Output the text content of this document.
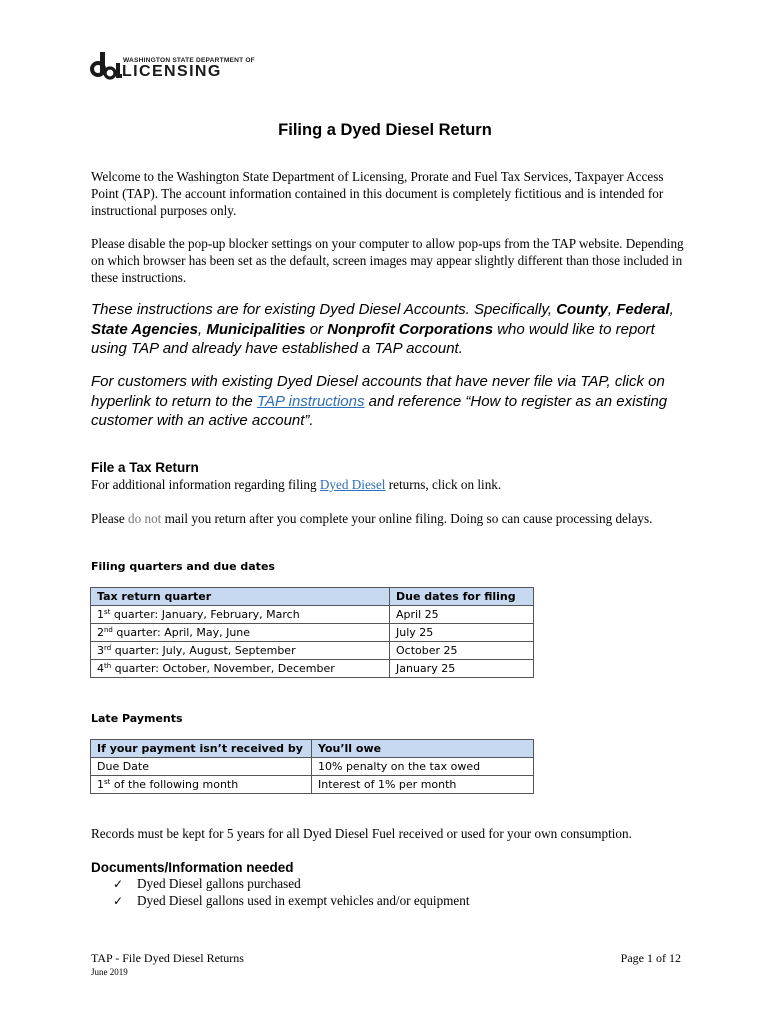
WASHINGTON STATE DEPARTMENT OF
LICENSING
Filing a Dyed Diesel Return
Welcome to the Washington State Department of Licensing, Prorate and Fuel Tax Services, Taxpayer Access Point (TAP). The account information contained in this document is completely fictitious and is intended for instructional purposes only.
Please disable the pop-up blocker settings on your computer to allow pop-ups from the TAP website. Depending on which browser has been set as the default, screen images may appear slightly different than those included in these instructions.
These instructions are for existing Dyed Diesel Accounts. Specifically, County, Federal, State Agencies, Municipalities or Nonprofit Corporations who would like to report using TAP and already have established a TAP account.
For customers with existing Dyed Diesel accounts that have never file via TAP, click on hyperlink to return to the TAP instructions and reference “How to register as an existing customer with an active account”.
File a Tax Return
For additional information regarding filing Dyed Diesel returns, click on link.
Please do not mail you return after you complete your online filing. Doing so can cause processing delays.
Filing quarters and due dates
Tax return quarter	Due dates for filing
1st quarter: January, February, March	April 25
2nd quarter: April, May, June	July 25
3rd quarter: July, August, September	October 25
4th quarter: October, November, December	January 25
Late Payments
If your payment isn’t received by	You’ll owe
Due Date	10% penalty on the tax owed
1st of the following month	Interest of 1% per month
Records must be kept for 5 years for all Dyed Diesel Fuel received or used for your own consumption.
Documents/Information needed
✓ Dyed Diesel gallons purchased
✓ Dyed Diesel gallons used in exempt vehicles and/or equipment
TAP - File Dyed Diesel Returns
June 2019
Page 1 of 12
